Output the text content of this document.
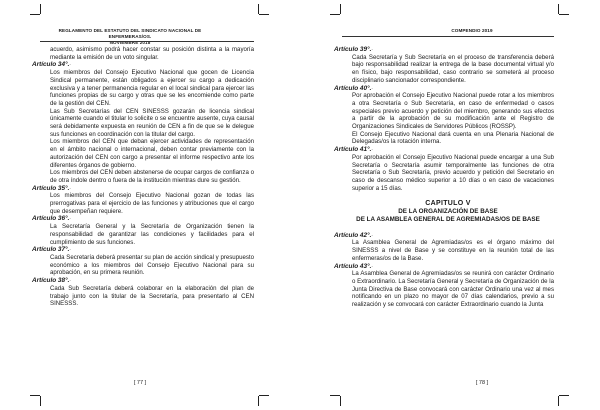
REGLAMENTO DEL ESTATUTO DEL SINDICATO NACIONAL DE ENFERMERAS/OS.
NOVIEMBRE 2018
acuerdo, asimismo podrá hacer constar su posición distinta a la mayoría mediante la emisión de un voto singular.
Artículo 34°.-
Los miembros del Consejo Ejecutivo Nacional que gocen de Licencia Sindical permanente, están obligados a ejercer su cargo a dedicación exclusiva y a tener permanencia regular en el local sindical para ejercer las funciones propias de su cargo y otras que se les encomiende como parte de la gestión del CEN.
Las Sub Secretarías del CEN SINESSS gozarán de licencia sindical únicamente cuando el titular lo solicite o se encuentre ausente, cuya causal será debidamente expuesta en reunión de CEN a fin de que se le delegue sus funciones en coordinación con la titular del cargo.
Los miembros del CEN que deban ejercer actividades de representación en el ámbito nacional o internacional, deben contar previamente con la autorización del CEN con cargo a presentar el informe respectivo ante los diferentes órganos de gobierno.
Los miembros del CEN deben abstenerse de ocupar cargos de confianza o de otra índole dentro o fuera de la institución mientras dure su gestión.
Artículo 35°.-
Los miembros del Consejo Ejecutivo Nacional gozan de todas las prerrogativas para el ejercicio de las funciones y atribuciones que el cargo que desempeñan requiere.
Artículo 36°.-
La Secretaría General y la Secretaría de Organización tienen la responsabilidad de garantizar las condiciones y facilidades para el cumplimiento de sus funciones.
Artículo 37°.-
Cada Secretaría deberá presentar su plan de acción sindical y presupuesto económico a los miembros del Consejo Ejecutivo Nacional para su aprobación, en su primera reunión.
Artículo 38°.-
Cada Sub Secretaría deberá colaborar en la elaboración del plan de trabajo junto con la titular de la Secretaría, para presentarlo al CEN SINESSS.
[ 77 ]
COMPENDIO 2019
Artículo 39°.-
Cada Secretaría y Sub Secretaría en el proceso de transferencia deberá bajo responsabilidad realizar la entrega de la base documental virtual y/o en físico, bajo responsabilidad, caso contrario se someterá al proceso disciplinario sancionador correspondiente.
Artículo 40°.-
Por aprobación el Consejo Ejecutivo Nacional puede rotar a los miembros a otra Secretaría o Sub Secretaría, en caso de enfermedad o casos especiales previo acuerdo y petición del miembro, generando sus efectos a partir de la aprobación de su modificación ante el Registro de Organizaciones Sindicales de Servidores Públicos (ROSSP).
El Consejo Ejecutivo Nacional dará cuenta en una Plenaria Nacional de Delegadas/os la rotación interna.
Artículo 41°.-
Por aprobación el Consejo Ejecutivo Nacional puede encargar a una Sub Secretaría o Secretaría asumir temporalmente las funciones de otra Secretaría o Sub Secretaría, previo acuerdo y petición del Secretario en caso de descanso médico superior a 10 días o en caso de vacaciones superior a 15 días.
CAPITULO V
DE LA ORGANIZACIÓN DE BASE
DE LA ASAMBLEA GENERAL DE AGREMIADAS/OS DE BASE
Artículo 42°.-
La Asamblea General de Agremiadas/os es el órgano máximo del SINESSS a nivel de Base y se constituye en la reunión total de las enfermeras/os de la Base.
Artículo 43°.-
La Asamblea General de Agremiadas/os se reunirá con carácter Ordinario o Extraordinario. La Secretaría General y Secretaría de Organización de la Junta Directiva de Base convocará con carácter Ordinario una vez al mes notificando en un plazo no mayor de 07 días calendarios, previo a su realización y se convocará con carácter Extraordinario cuando la Junta
[ 78 ]
